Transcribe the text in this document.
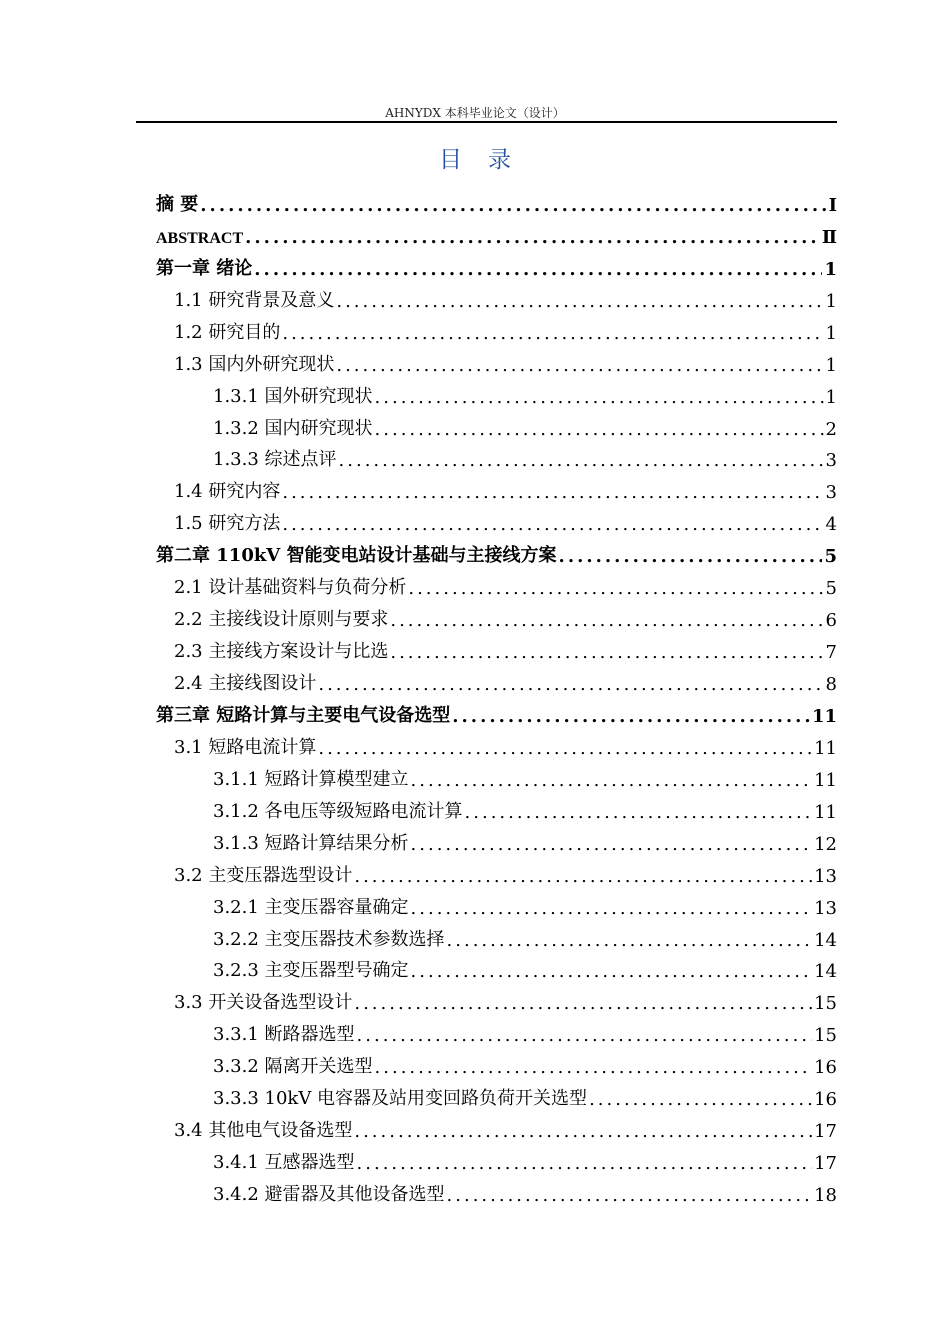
AHNYDX 本科毕业论文（设计）
目录
摘 要 .....	I
ABSTRACT .....	Ⅱ
第一章 绪论 .....	1
1.1 研究背景及意义 .....	1
1.2 研究目的 .....	1
1.3 国内外研究现状 .....	1
1.3.1 国外研究现状 .....	1
1.3.2 国内研究现状 .....	2
1.3.3 综述点评 .....	3
1.4 研究内容 .....	3
1.5 研究方法 .....	4
第二章 110kV 智能变电站设计基础与主接线方案 .....	5
2.1 设计基础资料与负荷分析 .....	5
2.2 主接线设计原则与要求 .....	6
2.3 主接线方案设计与比选 .....	7
2.4 主接线图设计 .....	8
第三章 短路计算与主要电气设备选型 .....	11
3.1 短路电流计算 .....	11
3.1.1 短路计算模型建立 .....	11
3.1.2 各电压等级短路电流计算 .....	11
3.1.3 短路计算结果分析 .....	12
3.2 主变压器选型设计 .....	13
3.2.1 主变压器容量确定 .....	13
3.2.2 主变压器技术参数选择 .....	14
3.2.3 主变压器型号确定 .....	14
3.3 开关设备选型设计 .....	15
3.3.1 断路器选型 .....	15
3.3.2 隔离开关选型 .....	16
3.3.3 10kV 电容器及站用变回路负荷开关选型 .....	16
3.4 其他电气设备选型 .....	17
3.4.1 互感器选型 .....	17
3.4.2 避雷器及其他设备选型 .....	18
